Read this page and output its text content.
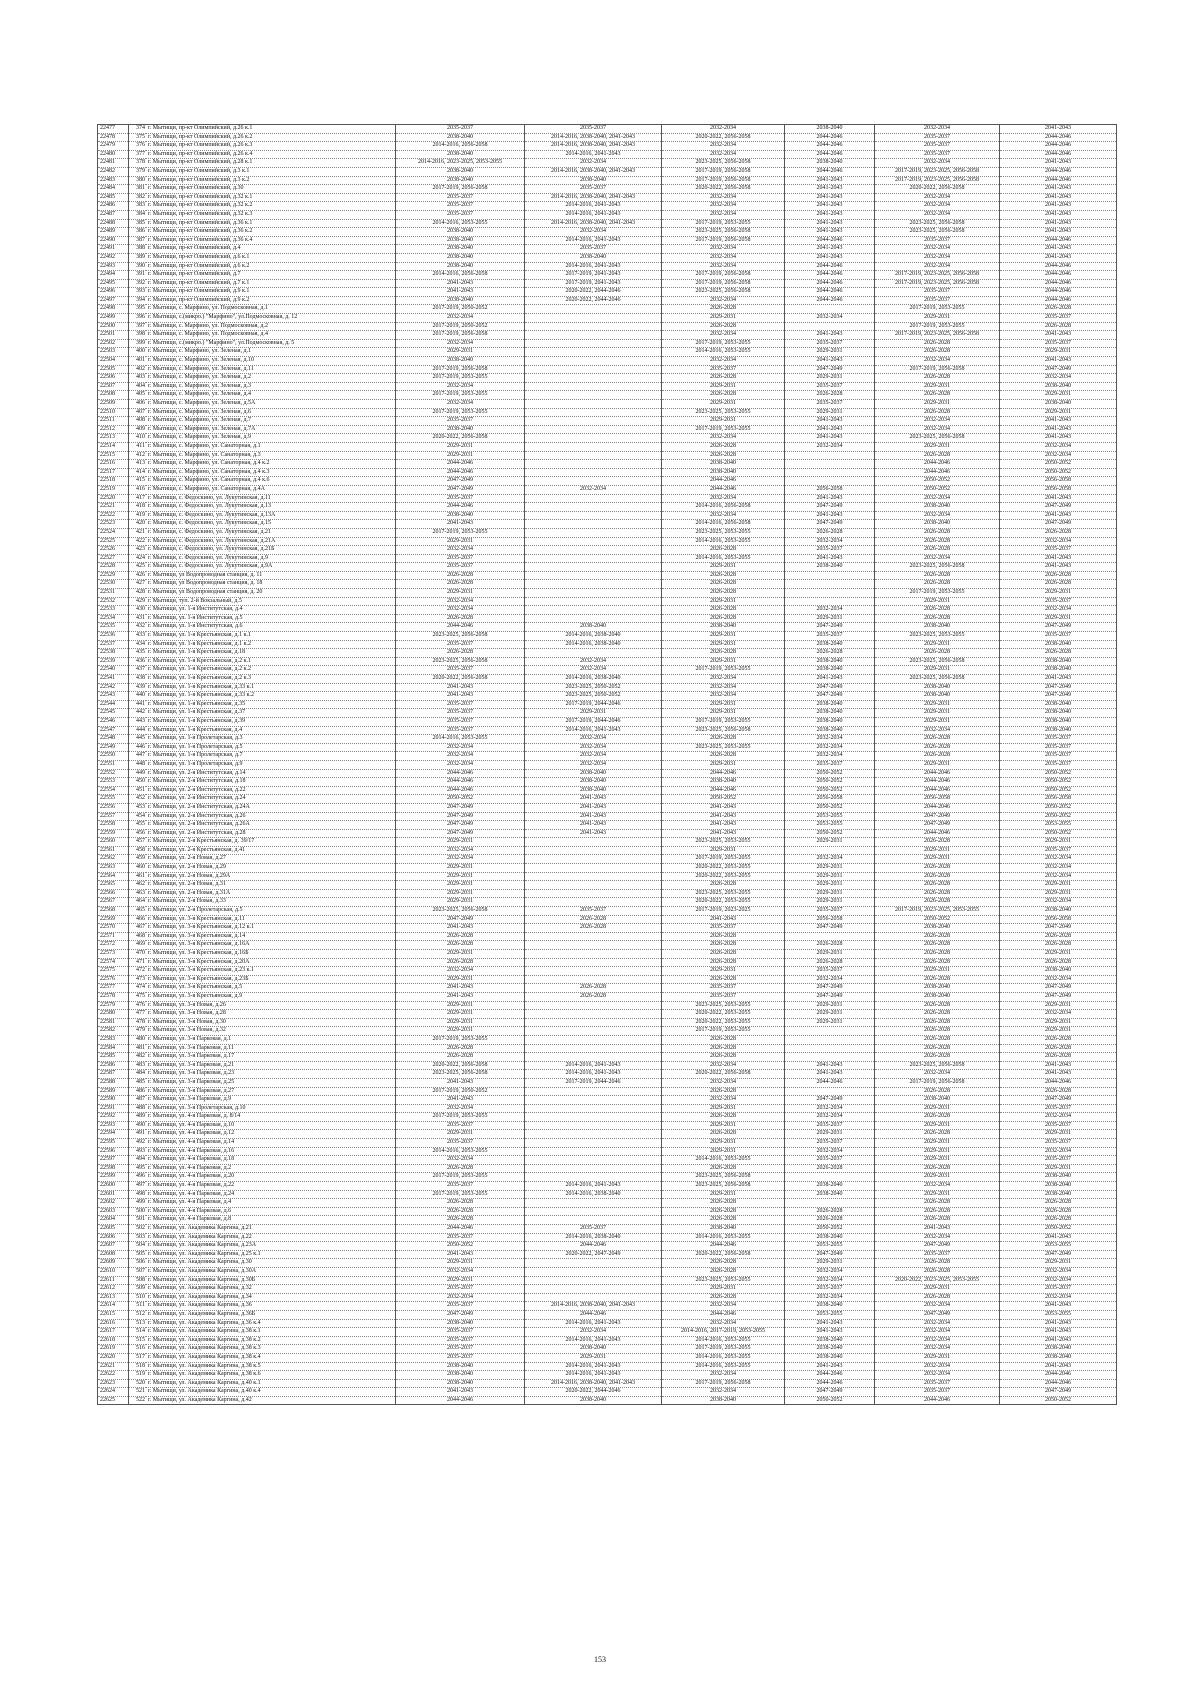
22477	374	г. Мытищи, пр-кт Олимпийский, д.26 к.1	2035-2037	2035-2037	2032-2034	2038-2040	2032-2034	2041-2043
22478	375	г. Мытищи, пр-кт Олимпийский, д.26 к.2	2038-2040	2014-2016, 2038-2040, 2041-2043	2020-2022, 2056-2058	2044-2046	2035-2037	2044-2046
22479	376	г. Мытищи, пр-кт Олимпийский, д.26 к.3	2014-2016, 2056-2058	2014-2016, 2038-2040, 2041-2043	2032-2034	2044-2046	2035-2037	2044-2046
22480	377	г. Мытищи, пр-кт Олимпийский, д.26 к.4	2038-2040	2014-2016, 2041-2043	2032-2034	2044-2046	2035-2037	2044-2046
22481	378	г. Мытищи, пр-кт Олимпийский, д.28 к.1	2014-2016, 2023-2025, 2053-2055	2032-2034	2023-2025, 2056-2058	2038-2040	2032-2034	2041-2043
22482	379	г. Мытищи, пр-кт Олимпийский, д.3 к.1	2038-2040	2014-2016, 2038-2040, 2041-2043	2017-2019, 2056-2058	2044-2046	2017-2019, 2023-2025, 2056-2058	2044-2046
22483	380	г. Мытищи, пр-кт Олимпийский, д.3 к.2	2038-2040	2038-2040	2017-2019, 2056-2058	2041-2043	2017-2019, 2023-2025, 2056-2058	2044-2046
22484	381	г. Мытищи, пр-кт Олимпийский, д.30	2017-2019, 2056-2058	2035-2037	2020-2022, 2056-2058	2041-2043	2020-2022, 2056-2058	2041-2043
22485	382	г. Мытищи, пр-кт Олимпийский, д.32 к.1	2035-2037	2014-2016, 2038-2040, 2041-2043	2032-2034	2041-2043	2032-2034	2041-2043
22486	383	г. Мытищи, пр-кт Олимпийский, д.32 к.2	2035-2037	2014-2016, 2041-2043	2032-2034	2041-2043	2032-2034	2041-2043
22487	384	г. Мытищи, пр-кт Олимпийский, д.32 к.3	2035-2037	2014-2016, 2041-2043	2032-2034	2041-2043	2032-2034	2041-2043
22488	385	г. Мытищи, пр-кт Олимпийский, д.36 к.1	2014-2016, 2053-2055	2014-2016, 2038-2040, 2041-2043	2017-2019, 2053-2055	2041-2043	2023-2025, 2056-2058	2041-2043
22489	386	г. Мытищи, пр-кт Олимпийский, д.36 к.2	2038-2040	2032-2034	2023-2025, 2056-2058	2041-2043	2023-2025, 2056-2058	2041-2043
22490	387	г. Мытищи, пр-кт Олимпийский, д.36 к.4	2038-2040	2014-2016, 2041-2043	2017-2019, 2056-2058	2044-2046	2035-2037	2044-2046
22491	388	г. Мытищи, пр-кт Олимпийский, д.4	2038-2040	2035-2037	2032-2034	2041-2043	2032-2034	2041-2043
22492	389	г. Мытищи, пр-кт Олимпийский, д.6 к.1	2038-2040	2038-2040	2032-2034	2041-2043	2032-2034	2041-2043
22493	390	г. Мытищи, пр-кт Олимпийский, д.6 к.2	2038-2040	2014-2016, 2041-2043	2032-2034	2044-2046	2032-2034	2044-2046
22494	391	г. Мытищи, пр-кт Олимпийский, д.7	2014-2016, 2056-2058	2017-2019, 2041-2043	2017-2019, 2056-2058	2044-2046	2017-2019, 2023-2025, 2056-2058	2044-2046
22495	392	г. Мытищи, пр-кт Олимпийский, д.7 к.1	2041-2043	2017-2019, 2041-2043	2017-2019, 2056-2058	2044-2046	2017-2019, 2023-2025, 2056-2058	2044-2046
22496	393	г. Мытищи, пр-кт Олимпийский, д.9 к.1	2041-2043	2020-2022, 2044-2046	2023-2025, 2056-2058	2044-2046	2035-2037	2044-2046
22497	394	г. Мытищи, пр-кт Олимпийский, д.9 к.2	2038-2040	2020-2022, 2044-2046	2032-2034	2044-2046	2035-2037	2044-2046
22498	395	г. Мытищи, с. Марфино, ул. Подмосковная, д.1	2017-2019, 2050-2052		2026-2028		2017-2019, 2053-2055	2026-2028
22499	396	г. Мытищи, с.(микро.) "Марфино", ул.Подмосковная, д. 12	2032-2034		2029-2031	2032-2034	2029-2031	2035-2037
22500	397	г. Мытищи, с. Марфино, ул. Подмосковная, д.2	2017-2019, 2050-2052		2026-2028		2017-2019, 2053-2055	2026-2028
22501	398	г. Мытищи, с. Марфино, ул. Подмосковная, д.4	2017-2019, 2056-2058		2032-2034	2041-2043	2017-2019, 2023-2025, 2056-2058	2041-2043
22502	399	г. Мытищи, с.(микро.) "Марфино", ул.Подмосковная, д. 5	2032-2034		2017-2019, 2053-2055	2035-2037	2026-2028	2035-2037
22503	400	г. Мытищи, с. Марфино, ул. Зеленая, д.1	2029-2031		2014-2016, 2053-2055	2029-2031	2026-2028	2029-2031
22504	401	г. Мытищи, с. Марфино, ул. Зеленая, д.10	2038-2040		2032-2034	2041-2043	2032-2034	2041-2043
22505	402	г. Мытищи, с. Марфино, ул. Зеленая, д.11	2017-2019, 2056-2058		2035-2037	2047-2049	2017-2019, 2056-2058	2047-2049
22506	403	г. Мытищи, с. Марфино, ул. Зеленая, д.2	2017-2019, 2053-2055		2026-2028	2029-2031	2026-2028	2032-2034
22507	404	г. Мытищи, с. Марфино, ул. Зеленая, д.3	2032-2034		2029-2031	2035-2037	2029-2031	2038-2040
22508	405	г. Мытищи, с. Марфино, ул. Зеленая, д.4	2017-2019, 2053-2055		2026-2028	2026-2028	2026-2028	2029-2031
22509	406	г. Мытищи, с. Марфино, ул. Зеленая, д.5А	2032-2034		2029-2031	2035-2037	2029-2031	2038-2040
22510	407	г. Мытищи, с. Марфино, ул. Зеленая, д.6	2017-2019, 2053-2055		2023-2025, 2053-2055	2029-2031	2026-2028	2029-2031
22511	408	г. Мытищи, с. Марфино, ул. Зеленая, д.7	2035-2037		2029-2031	2041-2043	2032-2034	2041-2043
22512	409	г. Мытищи, с. Марфино, ул. Зеленая, д.7А	2038-2040		2017-2019, 2053-2055	2041-2043	2032-2034	2041-2043
22513	410	г. Мытищи, с. Марфино, ул. Зеленая, д.9	2020-2022, 2056-2058		2032-2034	2041-2043	2023-2025, 2056-2058	2041-2043
22514	411	г. Мытищи, с. Марфино, ул. Санаторная, д.1	2029-2031		2026-2028	2032-2034	2029-2031	2032-2034
22515	412	г. Мытищи, с. Марфино, ул. Санаторная, д.3	2029-2031		2026-2028		2026-2028	2032-2034
22516	413	г. Мытищи, с. Марфино, ул. Санаторная, д.4 к.2	2044-2046		2038-2040		2044-2046	2050-2052
22517	414	г. Мытищи, с. Марфино, ул. Санаторная, д.4 к.3	2044-2046		2038-2040		2044-2046	2050-2052
22518	415	г. Мытищи, с. Марфино, ул. Санаторная, д.4 к.6	2047-2049		2044-2046		2050-2052	2056-2058
22519	416	г. Мытищи, с. Марфино, ул. Санаторная, д.4А	2047-2049	2032-2034	2044-2046	2056-2058	2050-2052	2056-2058
22520	417	г. Мытищи, с. Федоскино, ул. Лукутинская, д.11	2035-2037		2032-2034	2041-2043	2032-2034	2041-2043
22521	418	г. Мытищи, с. Федоскино, ул. Лукутинская, д.13	2044-2046		2014-2016, 2056-2058	2047-2049	2038-2040	2047-2049
22522	419	г. Мытищи, с. Федоскино, ул. Лукутинская, д.13А	2038-2040		2032-2034	2041-2043	2032-2034	2041-2043
22523	420	г. Мытищи, с. Федоскино, ул. Лукутинская, д.15	2041-2043		2014-2016, 2056-2058	2047-2049	2038-2040	2047-2049
22524	421	г. Мытищи, с. Федоскино, ул. Лукутинская, д.21	2017-2019, 2053-2055		2023-2025, 2053-2055	2026-2028	2026-2028	2026-2028
22525	422	г. Мытищи, с. Федоскино, ул. Лукутинская, д.21А	2029-2031		2014-2016, 2053-2055	2032-2034	2026-2028	2032-2034
22526	423	г. Мытищи, с. Федоскино, ул. Лукутинская, д.21Б	2032-2034		2026-2028	2035-2037	2026-2028	2035-2037
22527	424	г. Мытищи, с. Федоскино, ул. Лукутинская, д.9	2035-2037		2014-2016, 2053-2055	2041-2043	2032-2034	2041-2043
22528	425	г. Мытищи, с. Федоскино, ул. Лукутинская, д.9А	2035-2037		2029-2031	2038-2040	2023-2025, 2056-2058	2041-2043
22529	426	г. Мытищи, ул Водопроводная станция, д. 11	2026-2028		2026-2028		2026-2028	2026-2028
22530	427	г. Мытищи, ул Водопроводная станция, д. 18	2026-2028		2026-2028		2026-2028	2026-2028
22531	428	г. Мытищи, ул Водопроводная станция, д. 20	2029-2031		2026-2028		2017-2019, 2053-2055	2029-2031
22532	429	г. Мытищи, туп. 2-й Вокзальный, д.5	2032-2034		2029-2031		2029-2031	2035-2037
22533	430	г. Мытищи, ул. 1-я Институтская, д.4	2032-2034		2026-2028	2032-2034	2026-2028	2032-2034
22534	431	г. Мытищи, ул. 1-я Институтская, д.5	2026-2028		2026-2028	2029-2031	2026-2028	2029-2031
22535	432	г. Мытищи, ул. 1-я Институтская, д.6	2044-2046	2038-2040	2038-2040	2047-2049	2038-2040	2047-2049
22536	433	г. Мытищи, ул. 1-я Крестьянская, д.1 к.1	2023-2025, 2056-2058	2014-2016, 2038-2040	2029-2031	2035-2037	2023-2025, 2053-2055	2035-2037
22537	434	г. Мытищи, ул. 1-я Крестьянская, д.1 к.2	2035-2037	2014-2016, 2038-2040	2029-2031	2038-2040	2029-2031	2038-2040
22538	435	г. Мытищи, ул. 1-я Крестьянская, д.18	2026-2028		2026-2028	2026-2028	2026-2028	2026-2028
22539	436	г. Мытищи, ул. 1-я Крестьянская, д.2 к.1	2023-2025, 2056-2058	2032-2034	2029-2031	2038-2040	2023-2025, 2056-2058	2038-2040
22540	437	г. Мытищи, ул. 1-я Крестьянская, д.2 к.2	2035-2037	2032-2034	2017-2019, 2053-2055	2038-2040	2029-2031	2038-2040
22541	438	г. Мытищи, ул. 1-я Крестьянская, д.2 к.3	2020-2022, 2056-2058	2014-2016, 2038-2040	2032-2034	2041-2043	2023-2025, 2056-2058	2041-2043
22542	439	г. Мытищи, ул. 1-я Крестьянская, д.33 к.1	2041-2043	2023-2025, 2050-2052	2032-2034	2047-2049	2038-2040	2047-2049
22543	440	г. Мытищи, ул. 1-я Крестьянская, д.33 к.2	2041-2043	2023-2025, 2050-2052	2032-2034	2047-2049	2038-2040	2047-2049
22544	441	г. Мытищи, ул. 1-я Крестьянская, д.35	2035-2037	2017-2019, 2044-2046	2029-2031	2038-2040	2029-2031	2038-2040
22545	442	г. Мытищи, ул. 1-я Крестьянская, д.37	2035-2037	2029-2031	2029-2031	2038-2040	2029-2031	2038-2040
22546	443	г. Мытищи, ул. 1-я Крестьянская, д.39	2035-2037	2017-2019, 2044-2046	2017-2019, 2053-2055	2038-2040	2029-2031	2038-2040
22547	444	г. Мытищи, ул. 1-я Крестьянская, д.4	2035-2037	2014-2016, 2041-2043	2023-2025, 2056-2058	2038-2040	2032-2034	2038-2040
22548	445	г. Мытищи, ул. 1-я Пролетарская, д.3	2014-2016, 2053-2055	2032-2034	2026-2028	2032-2034	2026-2028	2035-2037
22549	446	г. Мытищи, ул. 1-я Пролетарская, д.5	2032-2034	2032-2034	2023-2025, 2053-2055	2032-2034	2026-2028	2035-2037
22550	447	г. Мытищи, ул. 1-я Пролетарская, д.7	2032-2034	2032-2034	2026-2028	2032-2034	2026-2028	2035-2037
22551	448	г. Мытищи, ул. 1-я Пролетарская, д.9	2032-2034	2032-2034	2029-2031	2035-2037	2029-2031	2035-2037
22552	449	г. Мытищи, ул. 2-я Институтская, д.14	2044-2046	2038-2040	2044-2046	2050-2052	2044-2046	2050-2052
22553	450	г. Мытищи, ул. 2-я Институтская, д.18	2044-2046	2038-2040	2038-2040	2050-2052	2044-2046	2050-2052
22554	451	г. Мытищи, ул. 2-я Институтская, д.22	2044-2046	2038-2040	2044-2046	2050-2052	2044-2046	2050-2052
22555	452	г. Мытищи, ул. 2-я Институтская, д.24	2050-2052	2041-2043	2050-2052	2056-2058	2056-2058	2056-2058
22556	453	г. Мытищи, ул. 2-я Институтская, д.24А	2047-2049	2041-2043	2041-2043	2050-2052	2044-2046	2050-2052
22557	454	г. Мытищи, ул. 2-я Институтская, д.26	2047-2049	2041-2043	2041-2043	2053-2055	2047-2049	2050-2052
22558	455	г. Мытищи, ул. 2-я Институтская, д.26А	2047-2049	2041-2043	2041-2043	2053-2055	2047-2049	2053-2055
22559	456	г. Мытищи, ул. 2-я Институтская, д.28	2047-2049	2041-2043	2041-2043	2050-2052	2044-2046	2050-2052
22560	457	г. Мытищи, ул. 2-я Крестьянская, д. 39/17	2029-2031		2023-2025, 2053-2055	2029-2031	2026-2028	2029-2031
22561	458	г. Мытищи, ул. 2-я Крестьянская, д.41	2032-2034		2029-2031		2029-2031	2035-2037
22562	459	г. Мытищи, ул. 2-я Новая, д.27	2032-2034		2017-2019, 2053-2055	2032-2034	2029-2031	2032-2034
22563	460	г. Мытищи, ул. 2-я Новая, д.29	2029-2031		2020-2022, 2053-2055	2029-2031	2026-2028	2032-2034
22564	461	г. Мытищи, ул. 2-я Новая, д.29А	2029-2031		2020-2022, 2053-2055	2029-2031	2026-2028	2032-2034
22565	462	г. Мытищи, ул. 2-я Новая, д.31	2029-2031		2026-2028	2029-2031	2026-2028	2029-2031
22566	463	г. Мытищи, ул. 2-я Новая, д.31А	2029-2031		2023-2025, 2053-2055	2029-2031	2026-2028	2029-2031
22567	464	г. Мытищи, ул. 2-я Новая, д.33	2029-2031		2020-2022, 2053-2055	2029-2031	2026-2028	2032-2034
22568	465	г. Мытищи, ул. 2-я Пролетарская, д.5	2023-2025, 2056-2058	2035-2037	2017-2019, 2023-2025	2035-2037	2017-2019, 2023-2025, 2053-2055	2038-2040
22569	466	г. Мытищи, ул. 3-я Крестьянская, д.11	2047-2049	2026-2028	2041-2043	2056-2058	2050-2052	2056-2058
22570	467	г. Мытищи, ул. 3-я Крестьянская, д.12 к.1	2041-2043	2026-2028	2035-2037	2047-2049	2038-2040	2047-2049
22571	468	г. Мытищи, ул. 3-я Крестьянская, д.14	2026-2028		2026-2028		2026-2028	2026-2028
22572	469	г. Мытищи, ул. 3-я Крестьянская, д.16А	2026-2028		2026-2028	2026-2028	2026-2028	2026-2028
22573	470	г. Мытищи, ул. 3-я Крестьянская, д.16Б	2029-2031		2026-2028	2029-2031	2026-2028	2029-2031
22574	471	г. Мытищи, ул. 3-я Крестьянская, д.20А	2026-2028		2026-2028	2026-2028	2026-2028	2026-2028
22575	472	г. Мытищи, ул. 3-я Крестьянская, д.23 к.1	2032-2034		2029-2031	2035-2037	2029-2031	2038-2040
22576	473	г. Мытищи, ул. 3-я Крестьянская, д.23Б	2029-2031		2026-2028	2032-2034	2026-2028	2032-2034
22577	474	г. Мытищи, ул. 3-я Крестьянская, д.5	2041-2043	2026-2028	2035-2037	2047-2049	2038-2040	2047-2049
22578	475	г. Мытищи, ул. 3-я Крестьянская, д.9	2041-2043	2026-2028	2035-2037	2047-2049	2038-2040	2047-2049
22579	476	г. Мытищи, ул. 3-я Новая, д.26	2029-2031		2023-2025, 2053-2055	2029-2031	2026-2028	2029-2031
22580	477	г. Мытищи, ул. 3-я Новая, д.28	2029-2031		2020-2022, 2053-2055	2029-2031	2026-2028	2032-2034
22581	478	г. Мытищи, ул. 3-я Новая, д.30	2029-2031		2020-2022, 2053-2055	2029-2031	2026-2028	2029-2031
22582	479	г. Мытищи, ул. 3-я Новая, д.32	2029-2031		2017-2019, 2053-2055		2026-2028	2029-2031
22583	480	г. Мытищи, ул. 3-я Парковая, д.1	2017-2019, 2053-2055		2026-2028		2026-2028	2026-2028
22584	481	г. Мытищи, ул. 3-я Парковая, д.11	2026-2028		2026-2028		2026-2028	2026-2028
22585	482	г. Мытищи, ул. 3-я Парковая, д.17	2026-2028		2026-2028		2026-2028	2026-2028
22586	483	г. Мытищи, ул. 3-я Парковая, д.21	2020-2022, 2056-2058	2014-2016, 2041-2043	2032-2034	2041-2043	2023-2025, 2056-2058	2041-2043
22587	484	г. Мытищи, ул. 3-я Парковая, д.23	2023-2025, 2056-2058	2014-2016, 2041-2043	2020-2022, 2056-2058	2041-2043	2032-2034	2041-2043
22588	485	г. Мытищи, ул. 3-я Парковая, д.25	2041-2043	2017-2019, 2044-2046	2032-2034	2044-2046	2017-2019, 2056-2058	2044-2046
22589	486	г. Мытищи, ул. 3-я Парковая, д.27	2017-2019, 2050-2052		2026-2028		2026-2028	2026-2028
22590	487	г. Мытищи, ул. 3-я Парковая, д.9	2041-2043		2032-2034	2047-2049	2038-2040	2047-2049
22591	488	г. Мытищи, ул. 3-я Пролетарская, д.10	2032-2034		2029-2031	2032-2034	2029-2031	2035-2037
22592	489	г. Мытищи, ул. 4-я Парковая, д. 8/14	2017-2019, 2053-2055		2026-2028	2032-2034	2026-2028	2032-2034
22593	490	г. Мытищи, ул. 4-я Парковая, д.10	2035-2037		2029-2031	2035-2037	2029-2031	2035-2037
22594	491	г. Мытищи, ул. 4-я Парковая, д.12	2029-2031		2026-2028	2029-2031	2026-2028	2029-2031
22595	492	г. Мытищи, ул. 4-я Парковая, д.14	2035-2037		2029-2031	2035-2037	2029-2031	2035-2037
22596	493	г. Мытищи, ул. 4-я Парковая, д.16	2014-2016, 2053-2055		2029-2031	2032-2034	2029-2031	2032-2034
22597	494	г. Мытищи, ул. 4-я Парковая, д.18	2032-2034		2014-2016, 2053-2055	2035-2037	2029-2031	2035-2037
22598	495	г. Мытищи, ул. 4-я Парковая, д.2	2026-2028		2026-2028	2026-2028	2026-2028	2029-2031
22599	496	г. Мытищи, ул. 4-я Парковая, д.20	2017-2019, 2053-2055		2023-2025, 2056-2058		2029-2031	2038-2040
22600	497	г. Мытищи, ул. 4-я Парковая, д.22	2035-2037	2014-2016, 2041-2043	2023-2025, 2056-2058	2038-2040	2032-2034	2038-2040
22601	498	г. Мытищи, ул. 4-я Парковая, д.24	2017-2019, 2053-2055	2014-2016, 2038-2040	2029-2031	2038-2040	2029-2031	2038-2040
22602	499	г. Мытищи, ул. 4-я Парковая, д.4	2026-2028		2026-2028		2026-2028	2026-2028
22603	500	г. Мытищи, ул. 4-я Парковая, д.6	2026-2028		2026-2028	2026-2028	2026-2028	2026-2028
22604	501	г. Мытищи, ул. 4-я Парковая, д.8	2026-2028		2026-2028	2026-2028	2026-2028	2026-2028
22605	502	г. Мытищи, ул. Академика Каргина, д.21	2044-2046	2035-2037	2038-2040	2050-2052	2041-2043	2050-2052
22606	503	г. Мытищи, ул. Академика Каргина, д.22	2035-2037	2014-2016, 2038-2040	2014-2016, 2053-2055	2038-2040	2032-2034	2041-2043
22607	504	г. Мытищи, ул. Академика Каргина, д.23А	2050-2052	2044-2046	2044-2046	2053-2055	2047-2049	2053-2055
22608	505	г. Мытищи, ул. Академика Каргина, д.25 к.1	2041-2043	2020-2022, 2047-2049	2020-2022, 2056-2058	2047-2049	2035-2037	2047-2049
22609	506	г. Мытищи, ул. Академика Каргина, д.30	2029-2031		2026-2028	2029-2031	2026-2028	2029-2031
22610	507	г. Мытищи, ул. Академика Каргина, д.30А	2032-2034		2026-2028	2032-2034	2026-2028	2032-2034
22611	508	г. Мытищи, ул. Академика Каргина, д.30Б	2029-2031		2023-2025, 2053-2055	2032-2034	2020-2022, 2023-2025, 2053-2055	2032-2034
22612	509	г. Мытищи, ул. Академика Каргина, д.32	2035-2037		2029-2031	2035-2037	2029-2031	2035-2037
22613	510	г. Мытищи, ул. Академика Каргина, д.34	2032-2034		2026-2028	2032-2034	2026-2028	2032-2034
22614	511	г. Мытищи, ул. Академика Каргина, д.36	2035-2037	2014-2016, 2038-2040, 2041-2043	2032-2034	2038-2040	2032-2034	2041-2043
22615	512	г. Мытищи, ул. Академика Каргина, д.36Б	2047-2049	2044-2046	2044-2046	2053-2055	2047-2049	2053-2055
22616	513	г. Мытищи, ул. Академика Каргина, д.36 к.4	2038-2040	2014-2016, 2041-2043	2032-2034	2041-2043	2032-2034	2041-2043
22617	514	г. Мытищи, ул. Академика Каргина, д.38 к.1	2035-2037	2032-2034	2014-2016, 2017-2019, 2053-2055	2041-2043	2032-2034	2041-2043
22618	515	г. Мытищи, ул. Академика Каргина, д.38 к.2	2035-2037	2014-2016, 2041-2043	2014-2016, 2053-2055	2038-2040	2032-2034	2041-2043
22619	516	г. Мытищи, ул. Академика Каргина, д.38 к.3	2035-2037	2038-2040	2017-2019, 2053-2055	2038-2040	2032-2034	2038-2040
22620	517	г. Мытищи, ул. Академика Каргина, д.38 к.4	2035-2037	2029-2031	2014-2016, 2053-2055	2038-2040	2029-2031	2038-2040
22621	518	г. Мытищи, ул. Академика Каргина, д.38 к.5	2038-2040	2014-2016, 2041-2043	2014-2016, 2053-2055	2041-2043	2032-2034	2041-2043
22622	519	г. Мытищи, ул. Академика Каргина, д.38 к.6	2038-2040	2014-2016, 2041-2043	2032-2034	2044-2046	2032-2034	2044-2046
22623	520	г. Мытищи, ул. Академика Каргина, д.40 к.1	2038-2040	2014-2016, 2038-2040, 2041-2043	2017-2019, 2056-2058	2044-2046	2035-2037	2044-2046
22624	521	г. Мытищи, ул. Академика Каргина, д.40 к.4	2041-2043	2020-2022, 2044-2046	2032-2034	2047-2049	2035-2037	2047-2049
22625	522	г. Мытищи, ул. Академика Каргина, д.42	2044-2046	2038-2040	2038-2040	2050-2052	2044-2046	2050-2052
153
